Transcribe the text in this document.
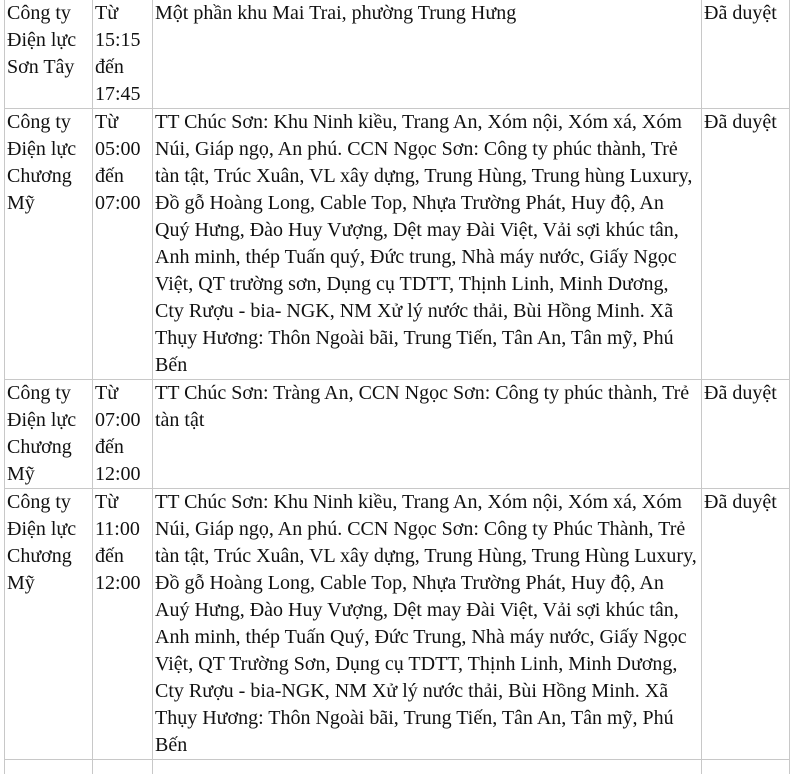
Công ty Điện lực Sơn Tây	Từ 15:15 đến 17:45	Một phần khu Mai Trai, phường Trung Hưng	Đã duyệt
Công ty Điện lực Chương Mỹ	Từ 05:00 đến 07:00	TT Chúc Sơn: Khu Ninh kiều, Trang An, Xóm nội, Xóm xá, Xóm Núi, Giáp ngọ, An phú. CCN Ngọc Sơn: Công ty phúc thành, Trẻ tàn tật, Trúc Xuân, VL xây dựng, Trung Hùng, Trung hùng Luxury, Đồ gỗ Hoàng Long, Cable Top, Nhựa Trường Phát, Huy độ, An Quý Hưng, Đào Huy Vượng, Dệt may Đài Việt, Vải sợi khúc tân, Anh minh, thép Tuấn quý, Đức trung, Nhà máy nước, Giấy Ngọc Việt, QT trường sơn, Dụng cụ TDTT, Thịnh Linh, Minh Dương, Cty Rượu - bia- NGK, NM Xử lý nước thải, Bùi Hồng Minh. Xã Thụy Hương: Thôn Ngoài bãi, Trung Tiến, Tân An, Tân mỹ, Phú Bến	Đã duyệt
Công ty Điện lực Chương Mỹ	Từ 07:00 đến 12:00	TT Chúc Sơn: Tràng An, CCN Ngọc Sơn: Công ty phúc thành, Trẻ tàn tật	Đã duyệt
Công ty Điện lực Chương Mỹ	Từ 11:00 đến 12:00	TT Chúc Sơn: Khu Ninh kiều, Trang An, Xóm nội, Xóm xá, Xóm Núi, Giáp ngọ, An phú. CCN Ngọc Sơn: Công ty Phúc Thành, Trẻ tàn tật, Trúc Xuân, VL xây dựng, Trung Hùng, Trung Hùng Luxury, Đồ gỗ Hoàng Long, Cable Top, Nhựa Trường Phát, Huy độ, An Auý Hưng, Đào Huy Vượng, Dệt may Đài Việt, Vải sợi khúc tân, Anh minh, thép Tuấn Quý, Đức Trung, Nhà máy nước, Giấy Ngọc Việt, QT Trường Sơn, Dụng cụ TDTT, Thịnh Linh, Minh Dương, Cty Rượu - bia-NGK, NM Xử lý nước thải, Bùi Hồng Minh. Xã Thụy Hương: Thôn Ngoài bãi, Trung Tiến, Tân An, Tân mỹ, Phú Bến	Đã duyệt
